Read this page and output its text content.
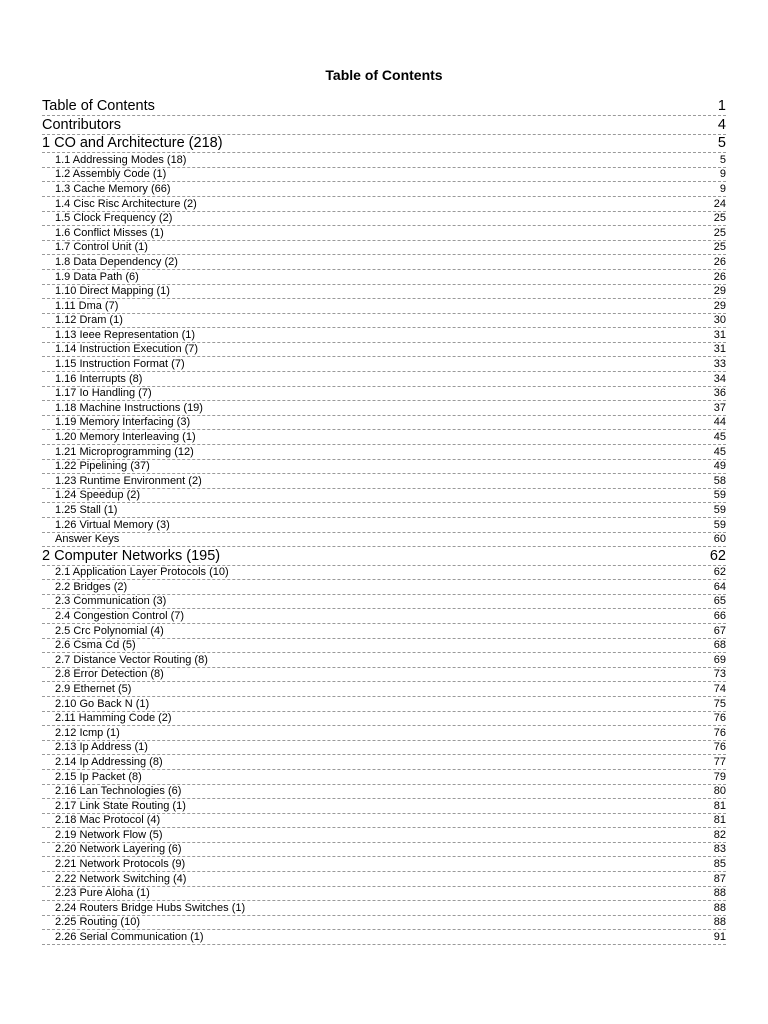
Table of Contents
Table of Contents	1
Contributors	4
1 CO and Architecture (218)	5
1.1 Addressing Modes (18)	5
1.2 Assembly Code (1)	9
1.3 Cache Memory (66)	9
1.4 Cisc Risc Architecture (2)	24
1.5 Clock Frequency (2)	25
1.6 Conflict Misses (1)	25
1.7 Control Unit (1)	25
1.8 Data Dependency (2)	26
1.9 Data Path (6)	26
1.10 Direct Mapping (1)	29
1.11 Dma (7)	29
1.12 Dram (1)	30
1.13 Ieee Representation (1)	31
1.14 Instruction Execution (7)	31
1.15 Instruction Format (7)	33
1.16 Interrupts (8)	34
1.17 Io Handling (7)	36
1.18 Machine Instructions (19)	37
1.19 Memory Interfacing (3)	44
1.20 Memory Interleaving (1)	45
1.21 Microprogramming (12)	45
1.22 Pipelining (37)	49
1.23 Runtime Environment (2)	58
1.24 Speedup (2)	59
1.25 Stall (1)	59
1.26 Virtual Memory (3)	59
Answer Keys	60
2 Computer Networks (195)	62
2.1 Application Layer Protocols (10)	62
2.2 Bridges (2)	64
2.3 Communication (3)	65
2.4 Congestion Control (7)	66
2.5 Crc Polynomial (4)	67
2.6 Csma Cd (5)	68
2.7 Distance Vector Routing (8)	69
2.8 Error Detection (8)	73
2.9 Ethernet (5)	74
2.10 Go Back N (1)	75
2.11 Hamming Code (2)	76
2.12 Icmp (1)	76
2.13 Ip Address (1)	76
2.14 Ip Addressing (8)	77
2.15 Ip Packet (8)	79
2.16 Lan Technologies (6)	80
2.17 Link State Routing (1)	81
2.18 Mac Protocol (4)	81
2.19 Network Flow (5)	82
2.20 Network Layering (6)	83
2.21 Network Protocols (9)	85
2.22 Network Switching (4)	87
2.23 Pure Aloha (1)	88
2.24 Routers Bridge Hubs Switches (1)	88
2.25 Routing (10)	88
2.26 Serial Communication (1)	91
